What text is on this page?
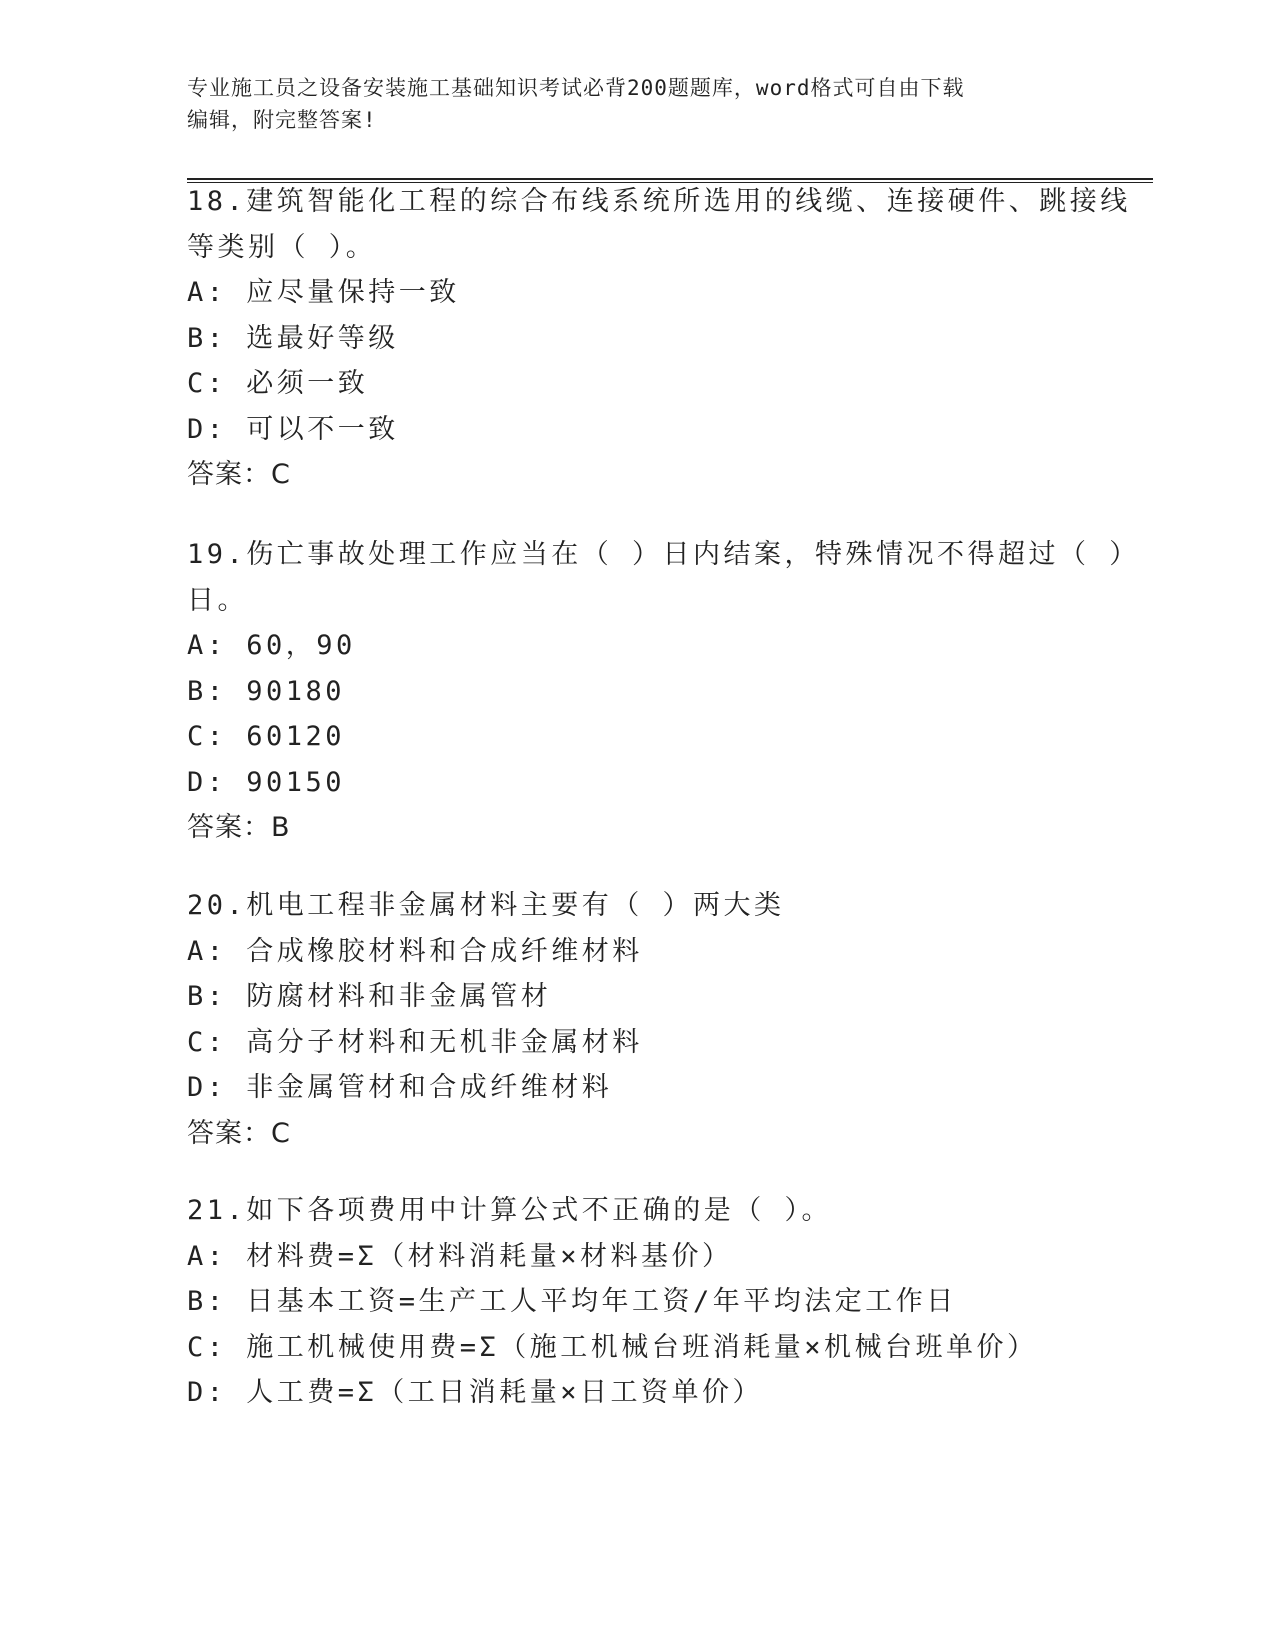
专业施工员之设备安装施工基础知识考试必背200题题库，word格式可自由下载
编辑，附完整答案!
18.建筑智能化工程的综合布线系统所选用的线缆、连接硬件、跳接线
等类别（ ）。
A: 应尽量保持一致
B: 选最好等级
C: 必须一致
D: 可以不一致
答案：C
19.伤亡事故处理工作应当在（ ）日内结案，特殊情况不得超过（ ）
日。
A: 60，90
B: 90180
C: 60120
D: 90150
答案：B
20.机电工程非金属材料主要有（ ）两大类
A: 合成橡胶材料和合成纤维材料
B: 防腐材料和非金属管材
C: 高分子材料和无机非金属材料
D: 非金属管材和合成纤维材料
答案：C
21.如下各项费用中计算公式不正确的是（ ）。
A: 材料费=Σ（材料消耗量×材料基价）
B: 日基本工资=生产工人平均年工资/年平均法定工作日
C: 施工机械使用费=Σ（施工机械台班消耗量×机械台班单价）
D: 人工费=Σ（工日消耗量×日工资单价）
